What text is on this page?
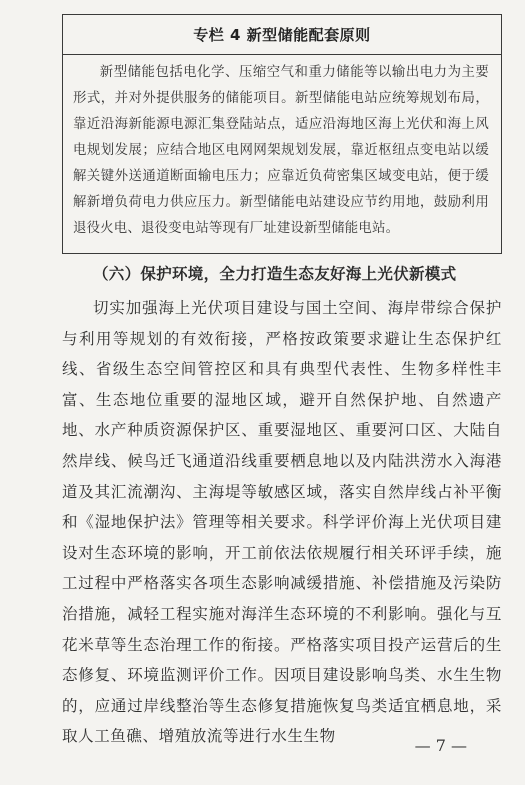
专栏 4 新型储能配套原则
新型储能包括电化学、压缩空气和重力储能等以输出电力为主要形式，并对外提供服务的储能项目。新型储能电站应统筹规划布局，靠近沿海新能源电源汇集登陆站点，适应沿海地区海上光伏和海上风电规划发展；应结合地区电网网架规划发展，靠近枢纽点变电站以缓解关键外送通道断面输电压力；应靠近负荷密集区域变电站，便于缓解新增负荷电力供应压力。新型储能电站建设应节约用地，鼓励利用退役火电、退役变电站等现有厂址建设新型储能电站。
（六）保护环境，全力打造生态友好海上光伏新模式
切实加强海上光伏项目建设与国土空间、海岸带综合保护与利用等规划的有效衔接，严格按政策要求避让生态保护红线、省级生态空间管控区和具有典型代表性、生物多样性丰富、生态地位重要的湿地区域，避开自然保护地、自然遗产地、水产种质资源保护区、重要湿地区、重要河口区、大陆自然岸线、候鸟迁飞通道沿线重要栖息地以及内陆洪涝水入海港道及其汇流潮沟、主海堤等敏感区域，落实自然岸线占补平衡和《湿地保护法》管理等相关要求。科学评价海上光伏项目建设对生态环境的影响，开工前依法依规履行相关环评手续，施工过程中严格落实各项生态影响减缓措施、补偿措施及污染防治措施，减轻工程实施对海洋生态环境的不利影响。强化与互花米草等生态治理工作的衔接。严格落实项目投产运营后的生态修复、环境监测评价工作。因项目建设影响鸟类、水生生物的，应通过岸线整治等生态修复措施恢复鸟类适宜栖息地，采取人工鱼礁、增殖放流等进行水生生物	— 7 —
